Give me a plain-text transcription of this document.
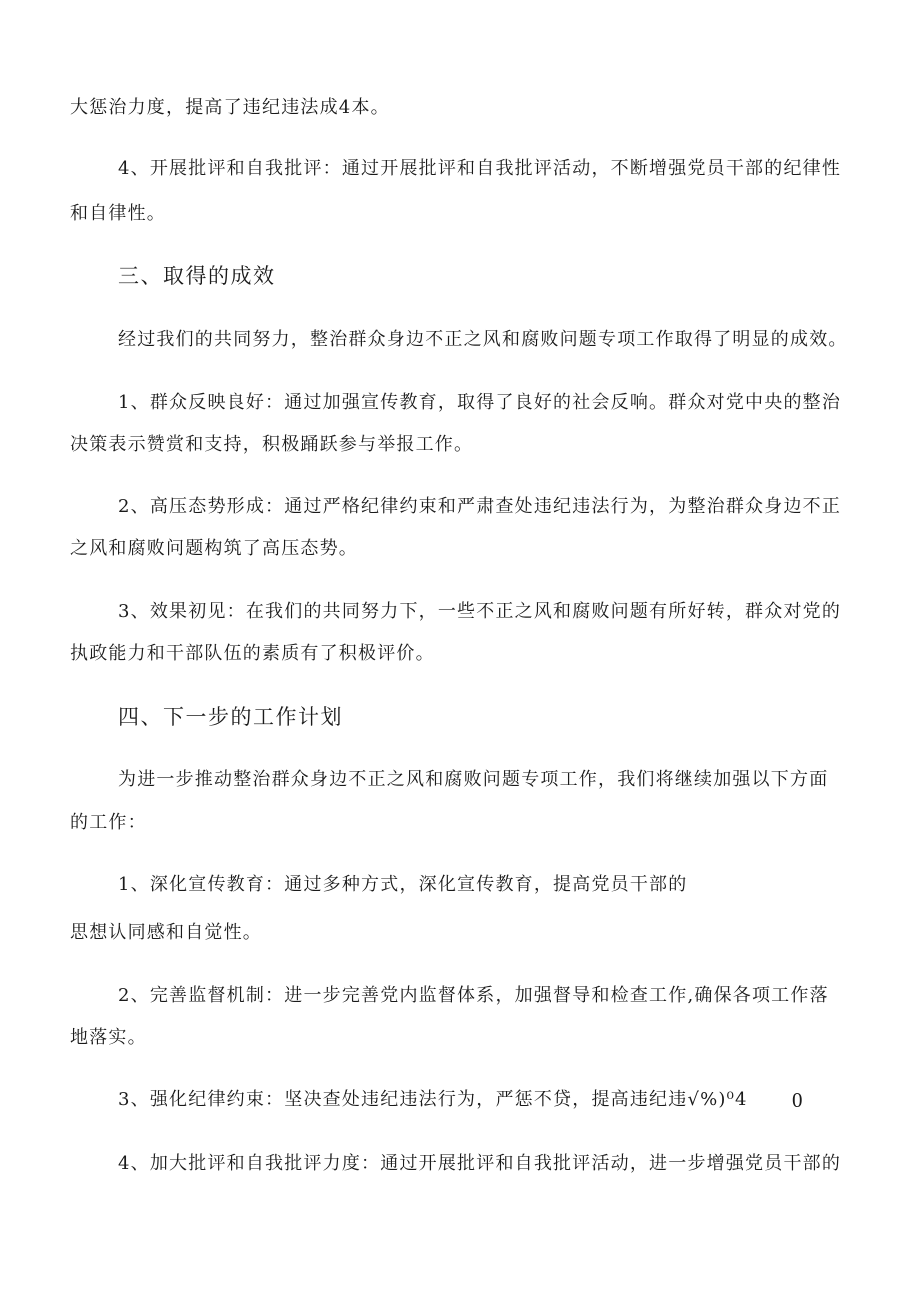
大惩治力度，提高了违纪违法成4本。
4、开展批评和自我批评：通过开展批评和自我批评活动，不断增强党员干部的纪律性
和自律性。
三、取得的成效
经过我们的共同努力，整治群众身边不正之风和腐败问题专项工作取得了明显的成效。
1、群众反映良好：通过加强宣传教育，取得了良好的社会反响。群众对党中央的整治
决策表示赞赏和支持，积极踊跃参与举报工作。
2、高压态势形成：通过严格纪律约束和严肃查处违纪违法行为，为整治群众身边不正
之风和腐败问题构筑了高压态势。
3、效果初见：在我们的共同努力下，一些不正之风和腐败问题有所好转，群众对党的
执政能力和干部队伍的素质有了积极评价。
四、下一步的工作计划
为进一步推动整治群众身边不正之风和腐败问题专项工作，我们将继续加强以下方面
的工作：
1、深化宣传教育：通过多种方式，深化宣传教育，提高党员干部的
思想认同感和自觉性。
2、完善监督机制：进一步完善党内监督体系，加强督导和检查工作,确保各项工作落
地落实。
3、强化纪律约束：坚决查处违纪违法行为，严惩不贷，提高违纪违√%)⁰4 0
4、加大批评和自我批评力度：通过开展批评和自我批评活动，进一步增强党员干部的
